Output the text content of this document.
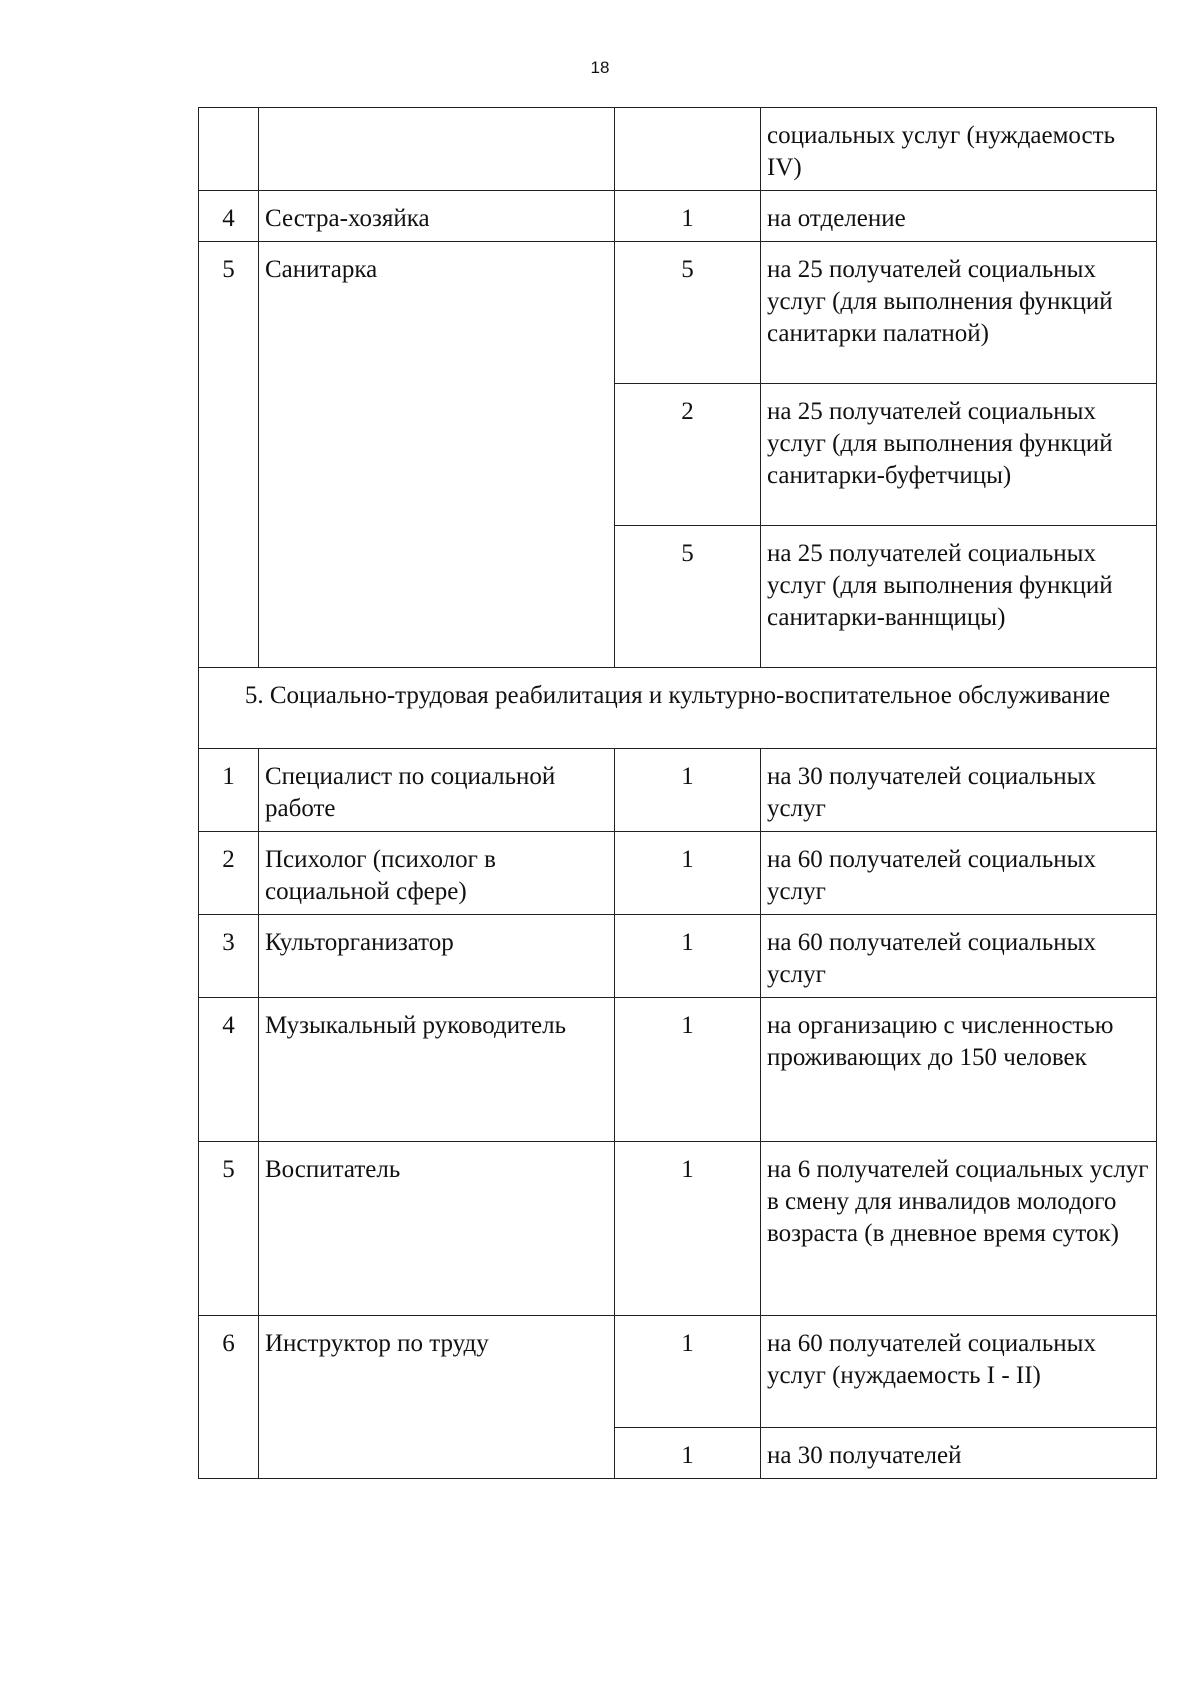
18
			социальных услуг (нуждаемость IV)
4	Сестра-хозяйка	1	на отделение
5	Санитарка	5	на 25 получателей социальных услуг (для выполнения функций санитарки палатной)
		2	на 25 получателей социальных услуг (для выполнения функций санитарки-буфетчицы)
		5	на 25 получателей социальных услуг (для выполнения функций санитарки-ваннщицы)
5. Социально-трудовая реабилитация и культурно-воспитательное обслуживание			
1	Специалист по социальной работе	1	на 30 получателей социальных услуг
2	Психолог (психолог в социальной сфере)	1	на 60 получателей социальных услуг
3	Культорганизатор	1	на 60 получателей социальных услуг
4	Музыкальный руководитель	1	на организацию с численностью проживающих до 150 человек
5	Воспитатель	1	на 6 получателей социальных услуг в смену для инвалидов молодого возраста (в дневное время суток)
6	Инструктор по труду	1	на 60 получателей социальных услуг (нуждаемость I - II)
		1	на 30 получателей
